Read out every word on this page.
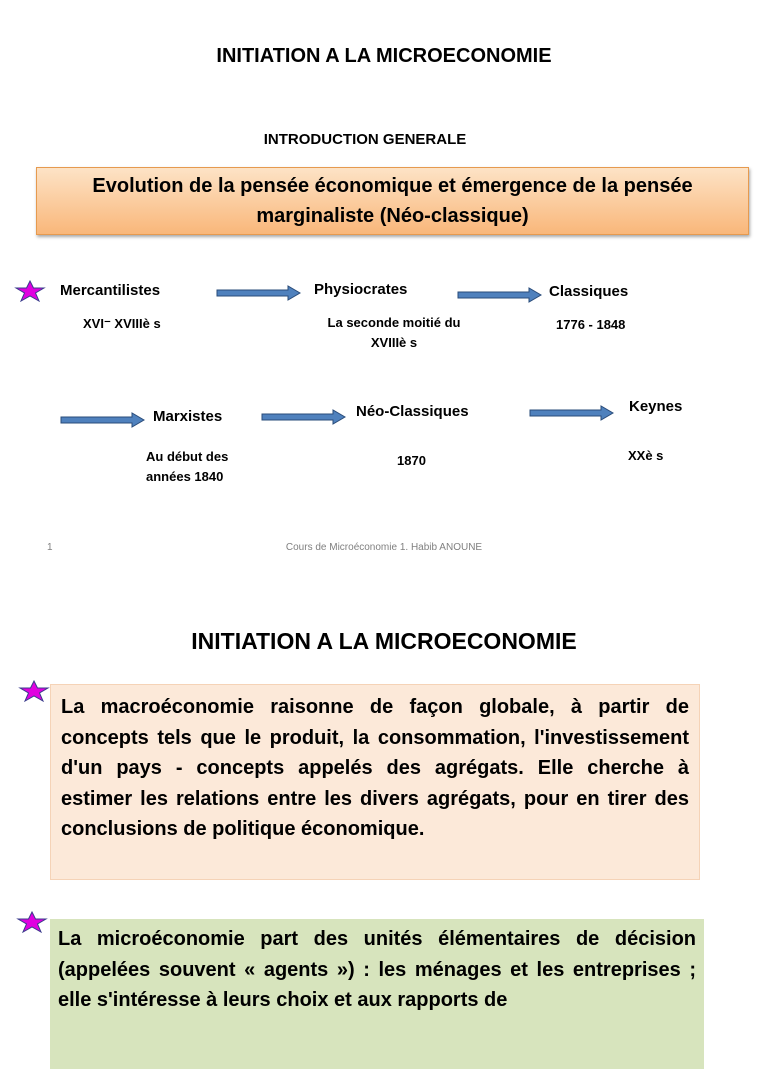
INITIATION A LA MICROECONOMIE
INTRODUCTION GENERALE
Evolution de la pensée économique et émergence de la pensée marginaliste (Néo-classique)
Mercantilistes
XVI⁻ XVIIIè s
Physiocrates
La seconde moitié du XVIIIè s
Classiques
1776 - 1848
Marxistes
Au début des années 1840
Néo-Classiques
1870
Keynes
XXè s
1	Cours de Microéconomie 1. Habib ANOUNE
INITIATION A LA MICROECONOMIE
La macroéconomie raisonne de façon globale, à partir de concepts tels que le produit, la consommation, l'investissement d'un pays - concepts appelés des agrégats. Elle cherche à estimer les relations entre les divers agrégats, pour en tirer des conclusions de politique économique.
La microéconomie part des unités élémentaires de décision (appelées souvent « agents ») : les ménages et les entreprises ; elle s'intéresse à leurs choix et aux rapports de
